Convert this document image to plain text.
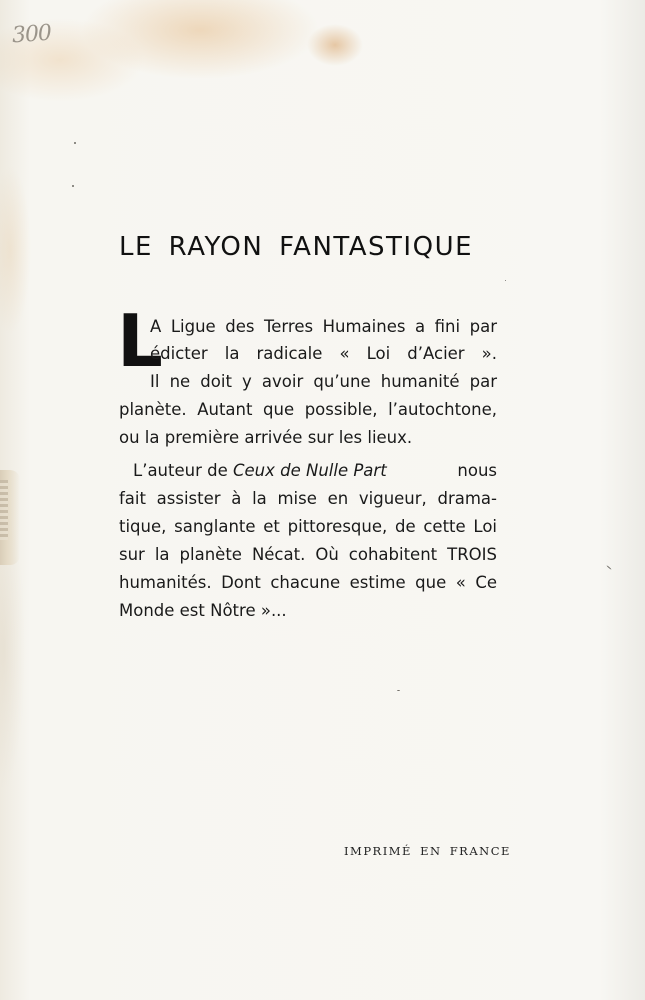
300
LE RAYON FANTASTIQUE
L
A Ligue des Terres Humaines a fini par
édicter la radicale « Loi d’Acier ».
Il ne doit y avoir qu’une humanité par
planète. Autant que possible, l’autochtone,
ou la première arrivée sur les lieux.
L’auteur de Ceux de Nulle Part	nous
fait assister à la mise en vigueur, drama-
tique, sanglante et pittoresque, de cette Loi
sur la planète Nécat. Où cohabitent TROIS
humanités. Dont chacune estime que « Ce
Monde est Nôtre »...
IMPRIMÉ EN FRANCE
